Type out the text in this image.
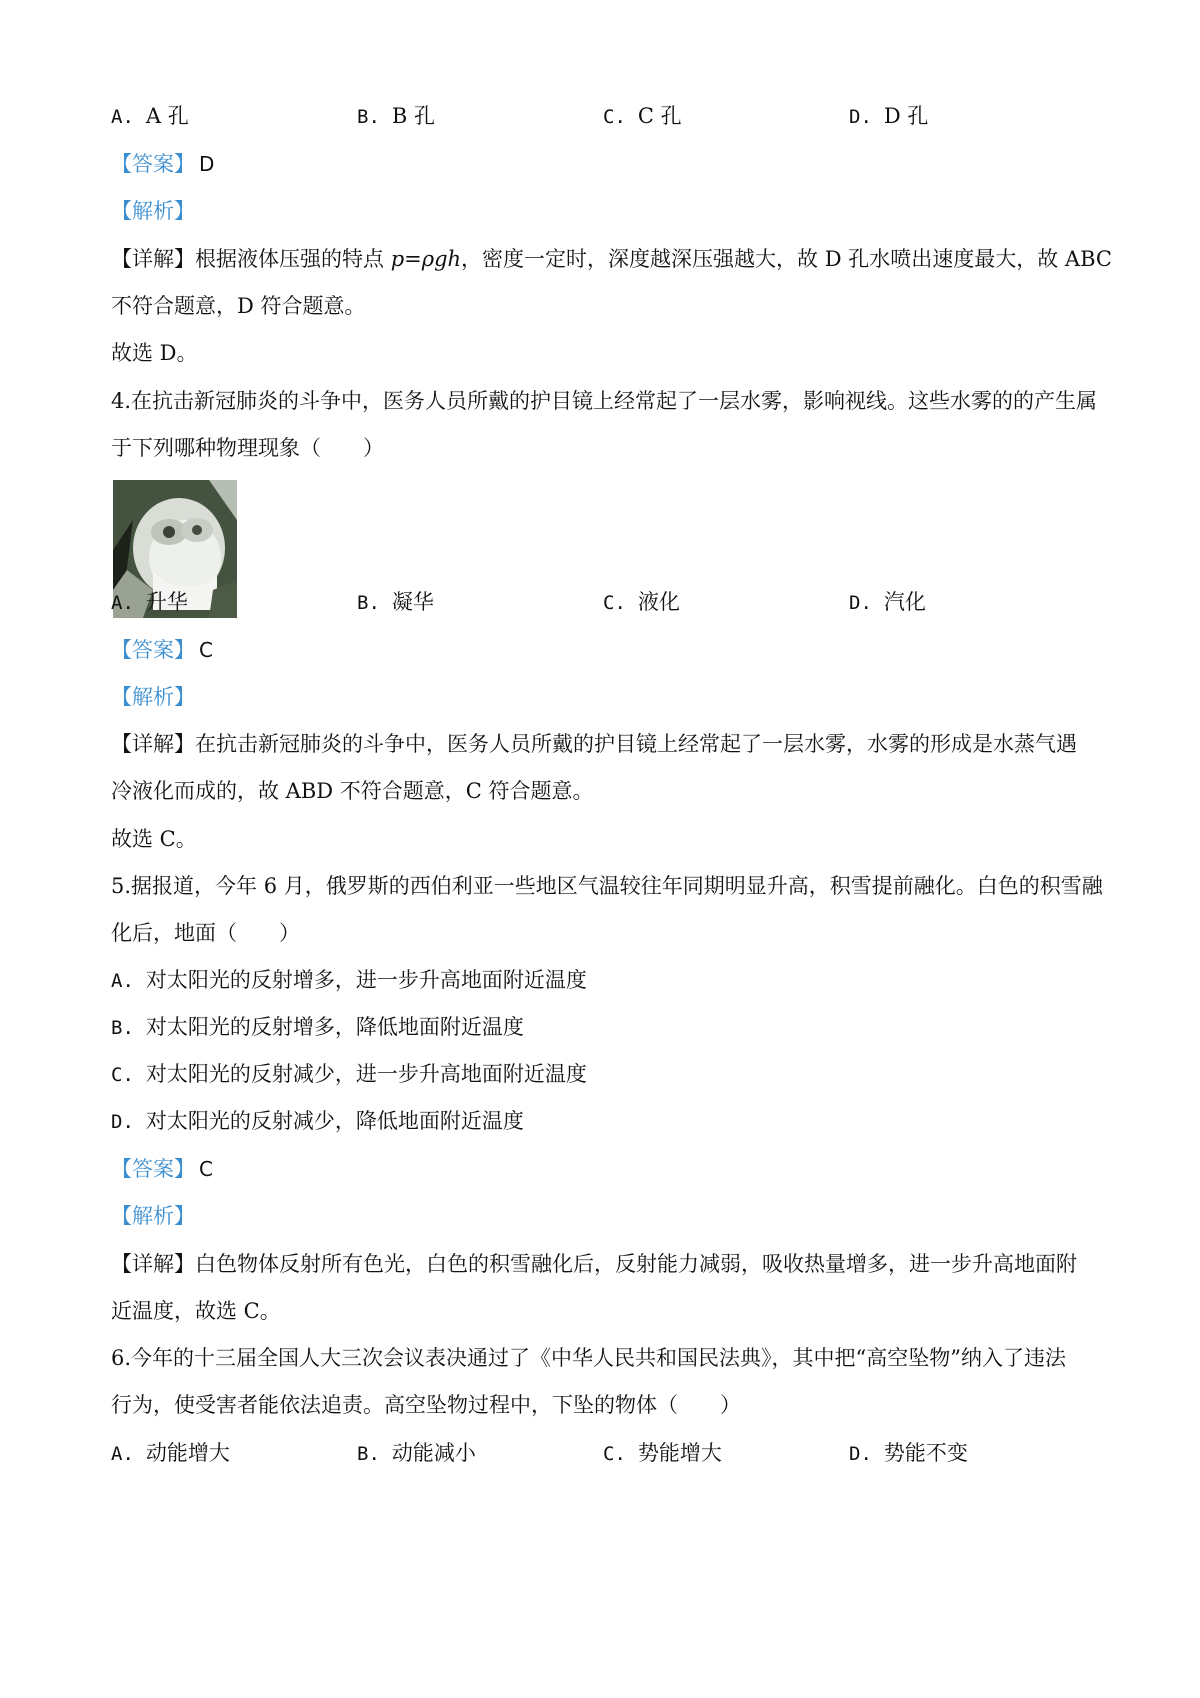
A. A 孔	B. B 孔	C. C 孔	D. D 孔
【答案】 D
【解析】
【详解】根据液体压强的特点 p=ρgh，密度一定时，深度越深压强越大，故 D 孔水喷出速度最大，故 ABC
不符合题意，D 符合题意。
故选 D。
4.在抗击新冠肺炎的斗争中，医务人员所戴的护目镜上经常起了一层水雾，影响视线。这些水雾的的产生属
于下列哪种物理现象（　　）
A. 升华	B. 凝华	C. 液化	D. 汽化
【答案】 C
【解析】
【详解】在抗击新冠肺炎的斗争中，医务人员所戴的护目镜上经常起了一层水雾，水雾的形成是水蒸气遇
冷液化而成的，故 ABD 不符合题意，C 符合题意。
故选 C。
5.据报道，今年 6 月，俄罗斯的西伯利亚一些地区气温较往年同期明显升高，积雪提前融化。白色的积雪融
化后，地面（　　）
A. 对太阳光的反射增多，进一步升高地面附近温度
B. 对太阳光的反射增多，降低地面附近温度
C. 对太阳光的反射减少，进一步升高地面附近温度
D. 对太阳光的反射减少，降低地面附近温度
【答案】 C
【解析】
【详解】白色物体反射所有色光，白色的积雪融化后，反射能力减弱，吸收热量增多，进一步升高地面附
近温度，故选 C。
6.今年的十三届全国人大三次会议表决通过了《中华人民共和国民法典》，其中把“高空坠物”纳入了违法
行为，使受害者能依法追责。高空坠物过程中，下坠的物体（　　）
A. 动能增大	B. 动能减小	C. 势能增大	D. 势能不变
